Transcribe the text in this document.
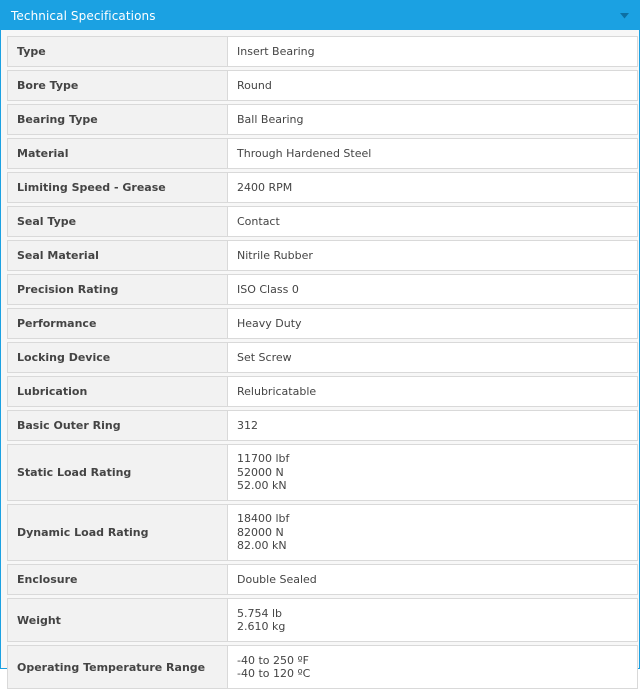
Technical Specifications
Type	Insert Bearing

Bore Type	Round

Bearing Type	Ball Bearing

Material	Through Hardened Steel

Limiting Speed - Grease	2400 RPM

Seal Type	Contact

Seal Material	Nitrile Rubber

Precision Rating	ISO Class 0

Performance	Heavy Duty

Locking Device	Set Screw

Lubrication	Relubricatable

Basic Outer Ring	312

Static Load Rating	11700 lbf
52000 N
52.00 kN

Dynamic Load Rating	18400 lbf
82000 N
82.00 kN

Enclosure	Double Sealed

Weight	5.754 lb
2.610 kg

Operating Temperature Range	-40 to 250 ºF
-40 to 120 ºC
